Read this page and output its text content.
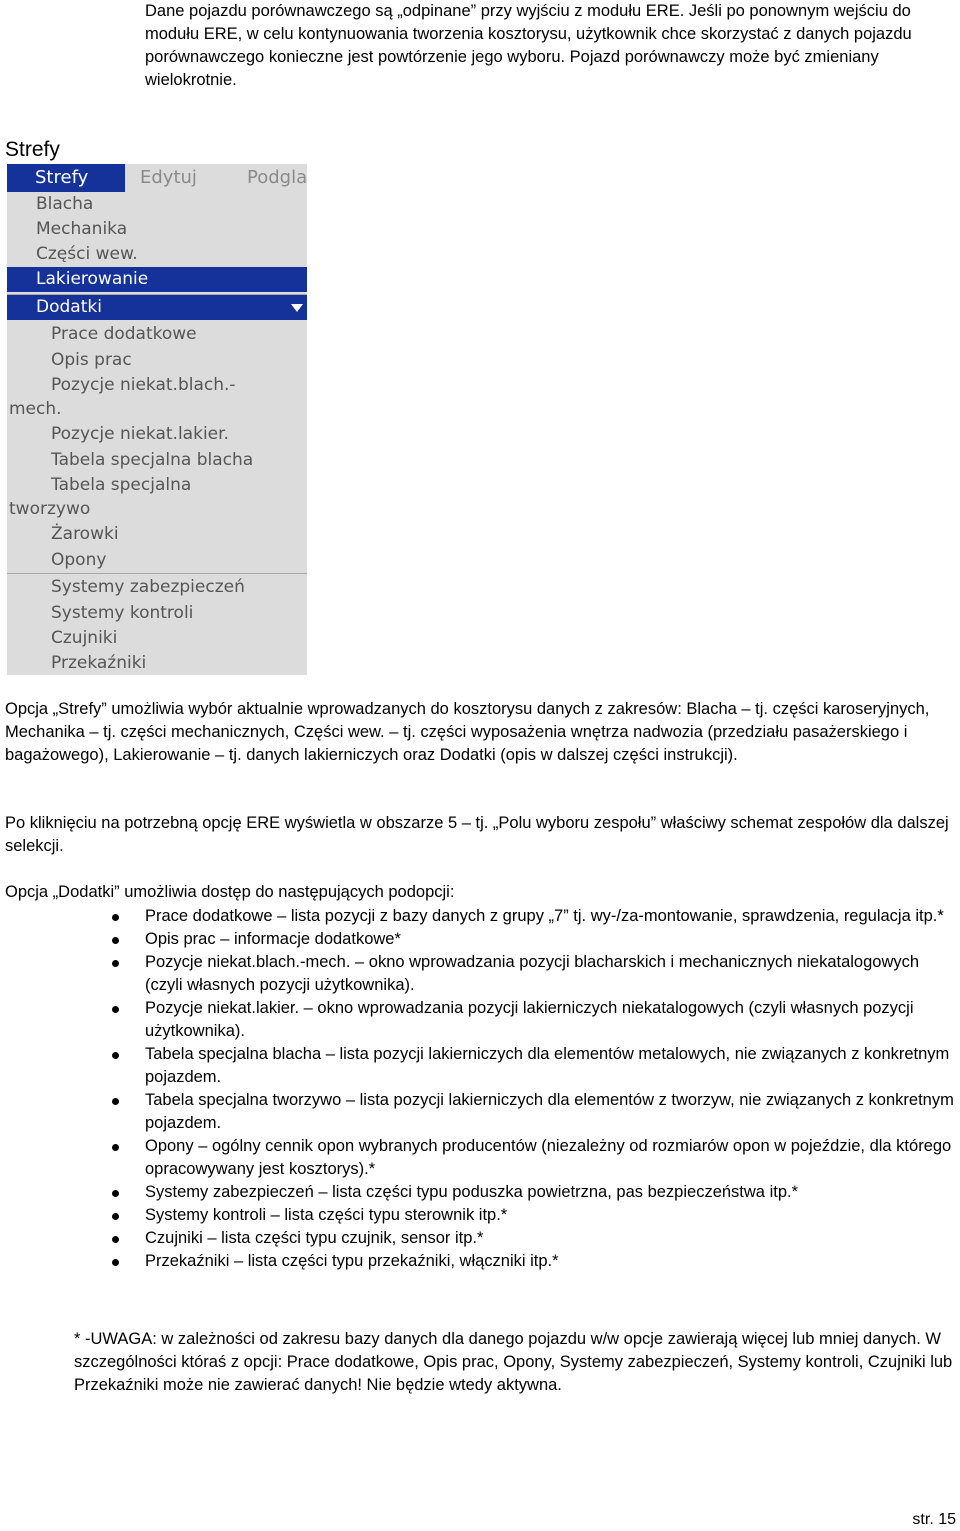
Dane pojazdu porównawczego są „odpinane” przy wyjściu z modułu ERE. Jeśli po ponownym wejściu do modułu ERE, w celu kontynuowania tworzenia kosztorysu, użytkownik chce skorzystać z danych pojazdu porównawczego konieczne jest powtórzenie jego wyboru. Pojazd porównawczy może być zmieniany wielokrotnie.

Strefy
Strefy	Edytuj	Podgla
Blacha
Mechanika
Części wew.
Lakierowanie
Dodatki
Prace dodatkowe
Opis prac
Pozycje niekat.blach.-
mech.
Pozycje niekat.lakier.
Tabela specjalna blacha
Tabela specjalna
tworzywo
Żarowki
Opony
Systemy zabezpieczeń
Systemy kontroli
Czujniki
Przekaźniki

Opcja „Strefy” umożliwia wybór aktualnie wprowadzanych do kosztorysu danych z zakresów: Blacha – tj. części karoseryjnych, Mechanika – tj. części mechanicznych, Części wew. – tj. części wyposażenia wnętrza nadwozia (przedziału pasażerskiego i bagażowego), Lakierowanie – tj. danych lakierniczych oraz Dodatki (opis w dalszej części instrukcji).

Po kliknięciu na potrzebną opcję ERE wyświetla w obszarze 5 – tj. „Polu wyboru zespołu” właściwy schemat zespołów dla dalszej selekcji.

Opcja „Dodatki” umożliwia dostęp do następujących podopcji:

Prace dodatkowe – lista pozycji z bazy danych z grupy „7” tj. wy-/za-montowanie, sprawdzenia, regulacja itp.*
Opis prac – informacje dodatkowe*
Pozycje niekat.blach.-mech. – okno wprowadzania pozycji blacharskich i mechanicznych niekatalogowych (czyli własnych pozycji użytkownika).
Pozycje niekat.lakier. – okno wprowadzania pozycji lakierniczych niekatalogowych (czyli własnych pozycji użytkownika).
Tabela specjalna blacha – lista pozycji lakierniczych dla elementów metalowych, nie związanych z konkretnym pojazdem.
Tabela specjalna tworzywo – lista pozycji lakierniczych dla elementów z tworzyw, nie związanych z konkretnym pojazdem.
Opony – ogólny cennik opon wybranych producentów (niezależny od rozmiarów opon w pojeździe, dla którego opracowywany jest kosztorys).*
Systemy zabezpieczeń – lista części typu poduszka powietrzna, pas bezpieczeństwa itp.*
Systemy kontroli – lista części typu sterownik itp.*
Czujniki – lista części typu czujnik, sensor itp.*
Przekaźniki – lista części typu przekaźniki, włączniki itp.*

* -UWAGA: w zależności od zakresu bazy danych dla danego pojazdu w/w opcje zawierają więcej lub mniej danych. W szczególności któraś z opcji: Prace dodatkowe, Opis prac, Opony, Systemy zabezpieczeń, Systemy kontroli, Czujniki lub Przekaźniki może nie zawierać danych! Nie będzie wtedy aktywna.

str. 15
